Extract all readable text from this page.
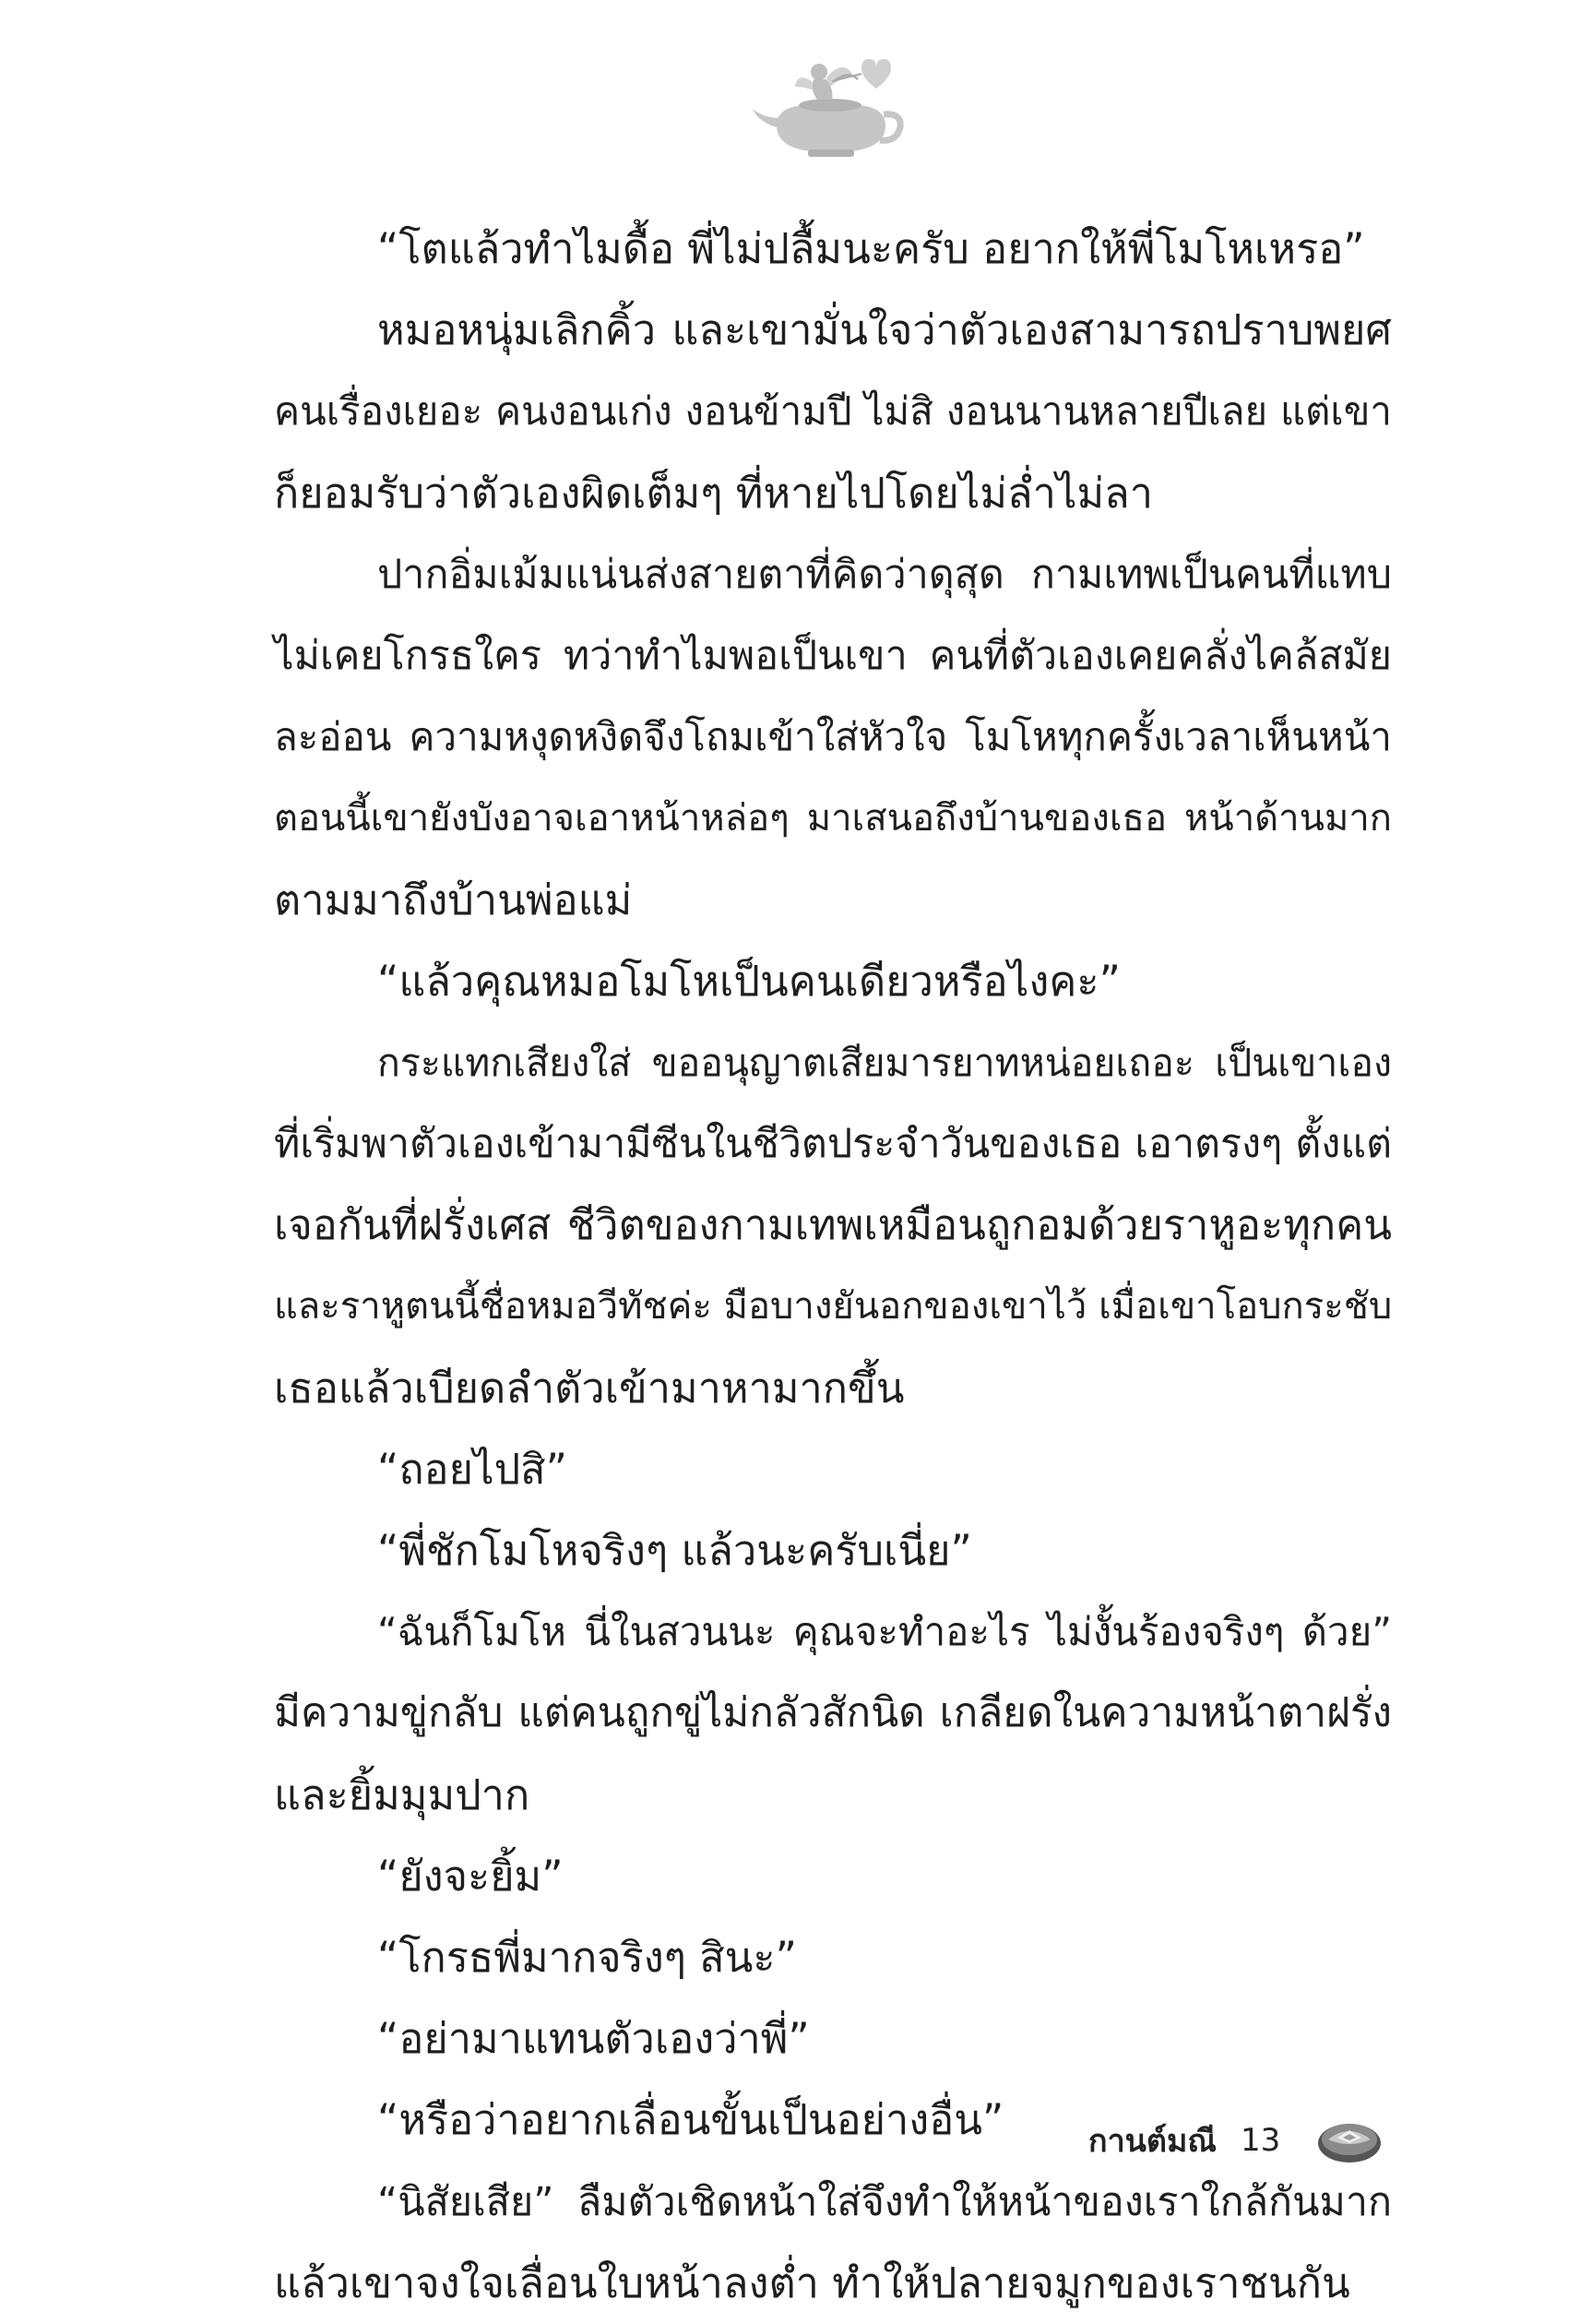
“โตแล้วทำไมดื้อ พี่ไม่ปลื้มนะครับ อยากให้พี่โมโหเหรอ”
หมอหนุ่มเลิกคิ้ว และเขามั่นใจว่าตัวเองสามารถปราบพยศ
คนเรื่องเยอะ คนงอนเก่ง งอนข้ามปี ไม่สิ งอนนานหลายปีเลย แต่เขา
ก็ยอมรับว่าตัวเองผิดเต็มๆ ที่หายไปโดยไม่ล่ำไม่ลา
ปากอิ่มเม้มแน่นส่งสายตาที่คิดว่าดุสุด กามเทพเป็นคนที่แทบ
ไม่เคยโกรธใคร ทว่าทำไมพอเป็นเขา คนที่ตัวเองเคยคลั่งไคล้สมัย
ละอ่อน ความหงุดหงิดจึงโถมเข้าใส่หัวใจ โมโหทุกครั้งเวลาเห็นหน้า
ตอนนี้เขายังบังอาจเอาหน้าหล่อๆ มาเสนอถึงบ้านของเธอ หน้าด้านมาก
ตามมาถึงบ้านพ่อแม่
“แล้วคุณหมอโมโหเป็นคนเดียวหรือไงคะ”
กระแทกเสียงใส่ ขออนุญาตเสียมารยาทหน่อยเถอะ เป็นเขาเอง
ที่เริ่มพาตัวเองเข้ามามีซีนในชีวิตประจำวันของเธอ เอาตรงๆ ตั้งแต่
เจอกันที่ฝรั่งเศส ชีวิตของกามเทพเหมือนถูกอมด้วยราหูอะทุกคน
และราหูตนนี้ชื่อหมอวีทัชค่ะ มือบางยันอกของเขาไว้ เมื่อเขาโอบกระชับ
เธอแล้วเบียดลำตัวเข้ามาหามากขึ้น
“ถอยไปสิ”
“พี่ชักโมโหจริงๆ แล้วนะครับเนี่ย”
“ฉันก็โมโห นี่ในสวนนะ คุณจะทำอะไร ไม่งั้นร้องจริงๆ ด้วย”
มีความขู่กลับ แต่คนถูกขู่ไม่กลัวสักนิด เกลียดในความหน้าตาฝรั่ง
และยิ้มมุมปาก
“ยังจะยิ้ม”
“โกรธพี่มากจริงๆ สินะ”
“อย่ามาแทนตัวเองว่าพี่”
“หรือว่าอยากเลื่อนขั้นเป็นอย่างอื่น”
“นิสัยเสีย” ลืมตัวเชิดหน้าใส่จึงทำให้หน้าของเราใกล้กันมาก
แล้วเขาจงใจเลื่อนใบหน้าลงต่ำ ทำให้ปลายจมูกของเราชนกัน
กานต์มณี 13
